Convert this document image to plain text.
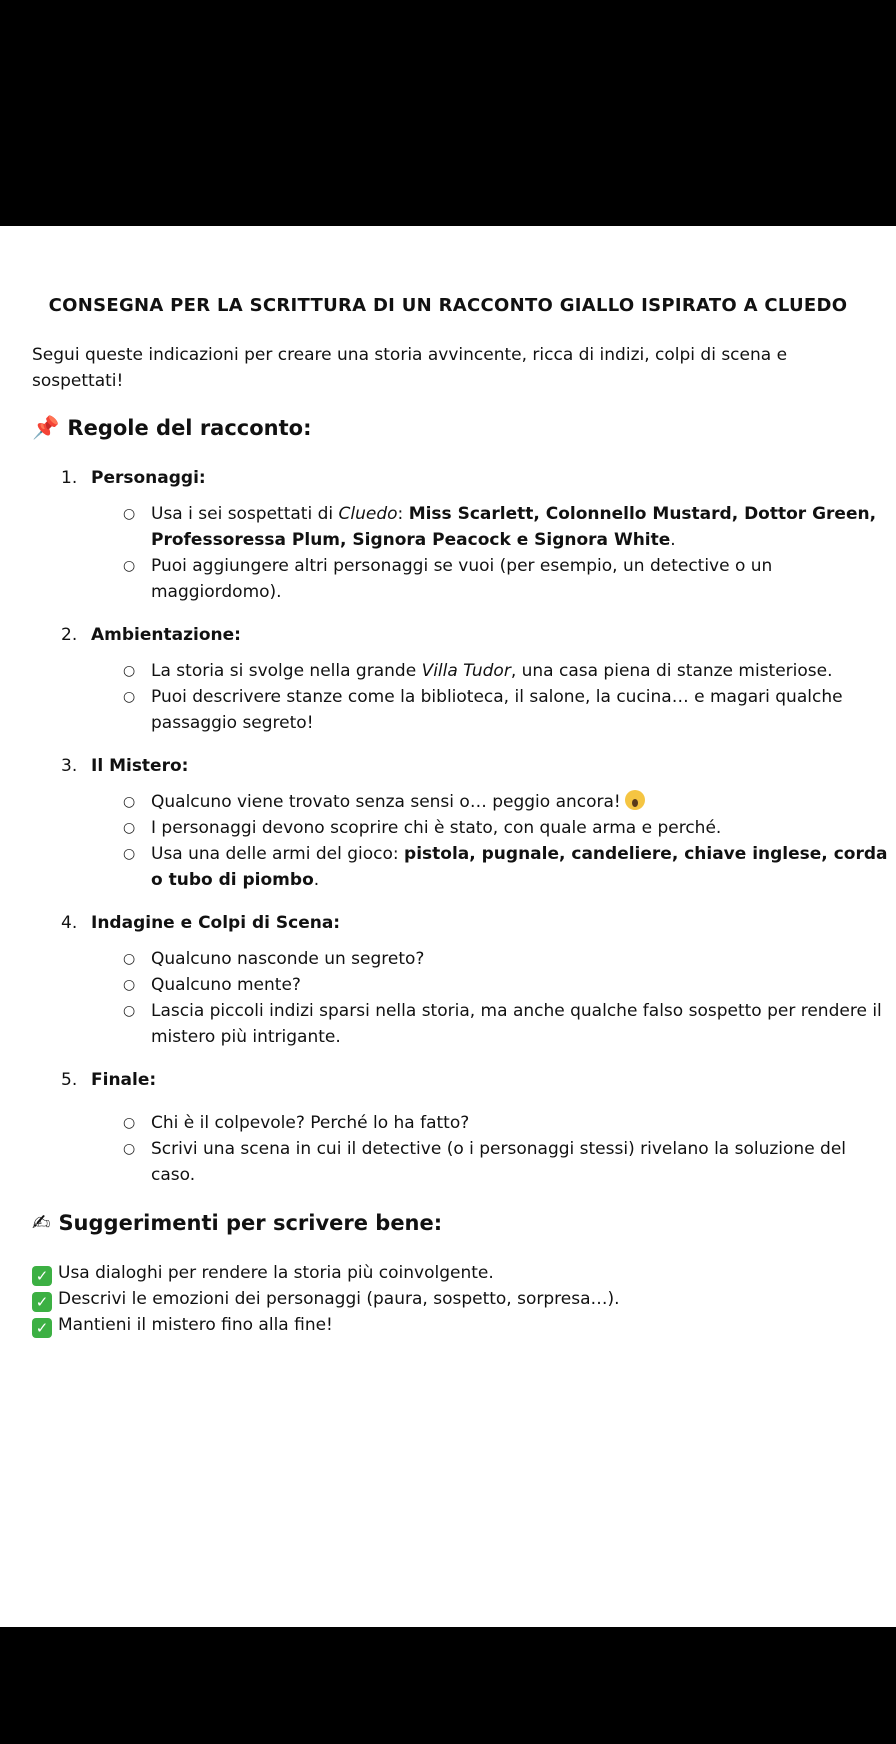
CONSEGNA PER LA SCRITTURA DI UN RACCONTO GIALLO ISPIRATO A CLUEDO
Segui queste indicazioni per creare una storia avvincente, ricca di indizi, colpi di scena e sospettati!
📌 Regole del racconto:
1. Personaggi:
○ Usa i sei sospettati di Cluedo: Miss Scarlett, Colonnello Mustard, Dottor Green, Professoressa Plum, Signora Peacock e Signora White.
○ Puoi aggiungere altri personaggi se vuoi (per esempio, un detective o un maggiordomo).
2. Ambientazione:
○ La storia si svolge nella grande Villa Tudor, una casa piena di stanze misteriose.
○ Puoi descrivere stanze come la biblioteca, il salone, la cucina… e magari qualche passaggio segreto!
3. Il Mistero:
○ Qualcuno viene trovato senza sensi o… peggio ancora!
○ I personaggi devono scoprire chi è stato, con quale arma e perché.
○ Usa una delle armi del gioco: pistola, pugnale, candeliere, chiave inglese, corda o tubo di piombo.
4. Indagine e Colpi di Scena:
○ Qualcuno nasconde un segreto?
○ Qualcuno mente?
○ Lascia piccoli indizi sparsi nella storia, ma anche qualche falso sospetto per rendere il mistero più intrigante.
5. Finale:
○ Chi è il colpevole? Perché lo ha fatto?
○ Scrivi una scena in cui il detective (o i personaggi stessi) rivelano la soluzione del caso.
✍ Suggerimenti per scrivere bene:
✓ Usa dialoghi per rendere la storia più coinvolgente.
✓ Descrivi le emozioni dei personaggi (paura, sospetto, sorpresa…).
✓ Mantieni il mistero fino alla fine!
